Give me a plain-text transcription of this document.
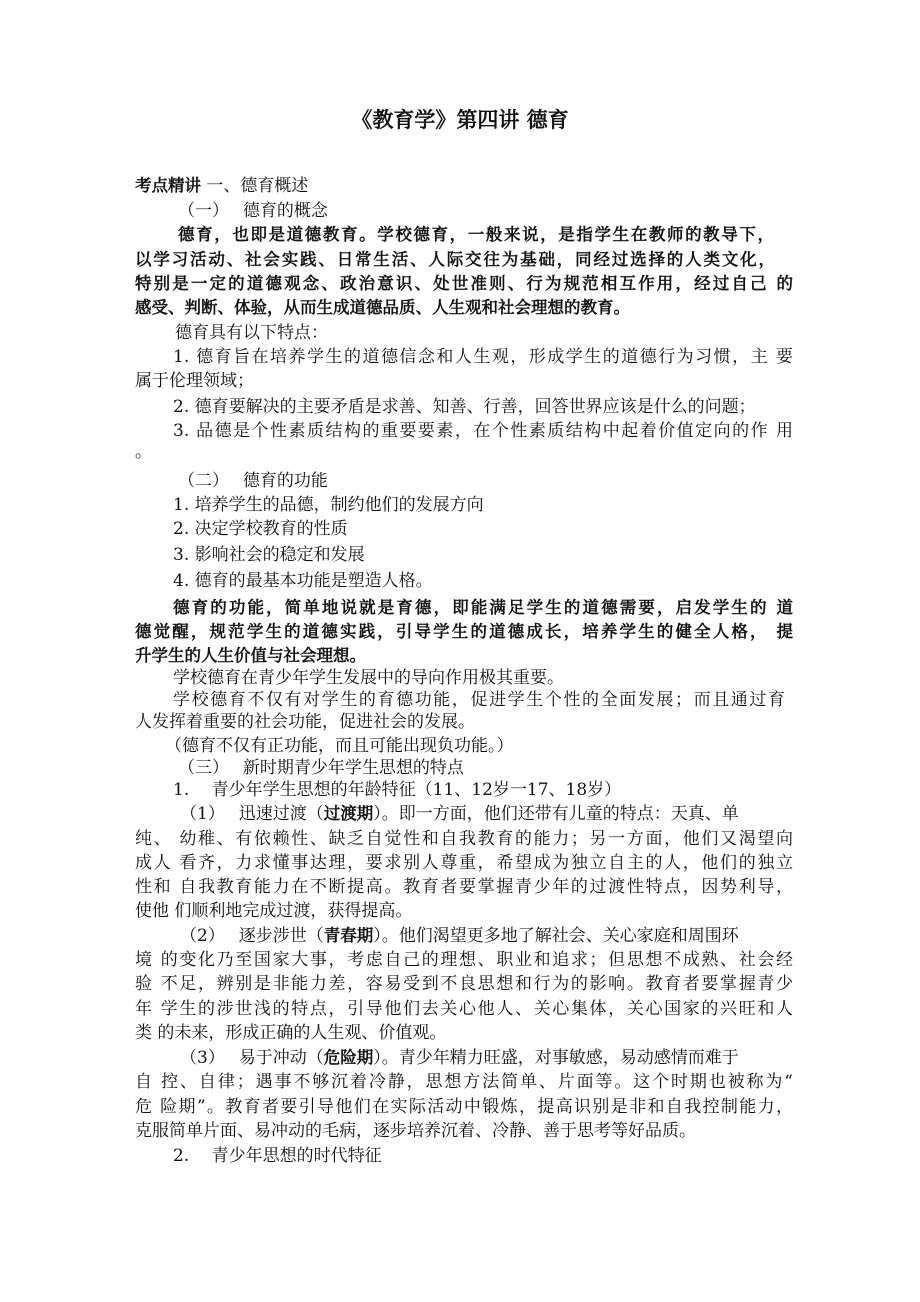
《教育学》第四讲 德育
考点精讲 一、德育概述
（一）　 德育的概念
德育，也即是道德教育。学校德育，一般来说，是指学生在教师的教导下，
以学习活动、社会实践、日常生活、人际交往为基础，同经过选择的人类文化，
特别是一定的道德观念、政治意识、处世准则、行为规范相互作用，经过自己 的
感受、判断、体验，从而生成道德品质、人生观和社会理想的教育。
德育具有以下特点：
1. 德育旨在培养学生的道德信念和人生观，形成学生的道德行为习惯，主 要
属于伦理领域；
2. 德育要解决的主要矛盾是求善、知善、行善，回答世界应该是什么的问题；
3. 品德是个性素质结构的重要要素，在个性素质结构中起着价值定向的作 用
。
（二）　 德育的功能
1. 培养学生的品德，制约他们的发展方向
2. 决定学校教育的性质
3. 影响社会的稳定和发展
4. 德育的最基本功能是塑造人格。
德育的功能，简单地说就是育德，即能满足学生的道德需要，启发学生的 道
德觉醒，规范学生的道德实践，引导学生的道德成长，培养学生的健全人格， 提
升学生的人生价值与社会理想。
学校德育在青少年学生发展中的导向作用极其重要。
学校德育不仅有对学生的育德功能，促进学生个性的全面发展；而且通过育
人发挥着重要的社会功能，促进社会的发展。
（德育不仅有正功能，而且可能出现负功能。）
（三）　 新时期青少年学生思想的特点
1.　 青少年学生思想的年龄特征（11、12岁一17、18岁）
（1）　 迅速过渡（过渡期）。即一方面，他们还带有儿童的特点：天真、单
纯、 幼稚、有依赖性、缺乏自觉性和自我教育的能力；另一方面，他们又渴望向
成人 看齐，力求懂事达理，要求别人尊重，希望成为独立自主的人，他们的独立
性和 自我教育能力在不断提高。教育者要掌握青少年的过渡性特点，因势利导，
使他 们顺利地完成过渡，获得提高。
（2）　 逐步涉世（青春期）。他们渴望更多地了解社会、关心家庭和周围环
境 的变化乃至国家大事，考虑自己的理想、职业和追求；但思想不成熟、社会经
验 不足，辨别是非能力差，容易受到不良思想和行为的影响。教育者要掌握青少
年 学生的涉世浅的特点，引导他们去关心他人、关心集体，关心国家的兴旺和人
类 的未来，形成正确的人生观、价值观。
（3）　 易于冲动（危险期）。青少年精力旺盛，对事敏感，易动感情而难于
自 控、自律；遇事不够沉着冷静，思想方法简单、片面等。这个时期也被称为“
危 险期”。教育者要引导他们在实际活动中锻炼，提高识别是非和自我控制能力，
克服简单片面、易冲动的毛病，逐步培养沉着、冷静、善于思考等好品质。
2.　 青少年思想的时代特征
